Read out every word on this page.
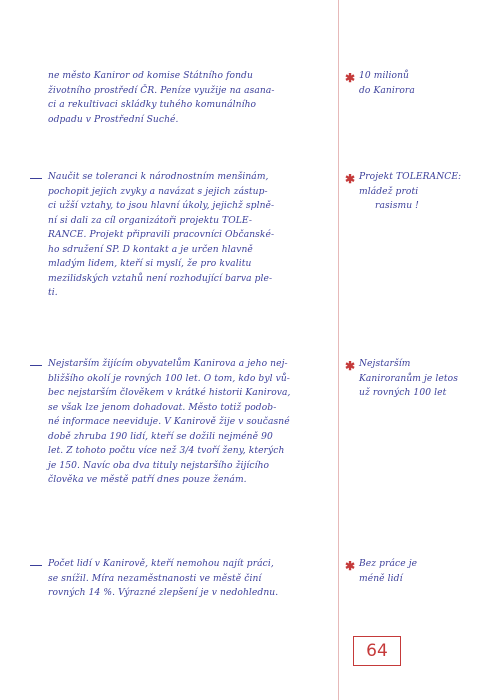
ne město Kaniror od komise Státního fondu
životního prostředí ČR. Peníze využije na asana-
ci a rekultivaci skládky tuhého komunálního
odpadu v Prostřední Suché.
✱ 10 milionů
do Kanirora
Naučit se toleranci k národnostním menšinám,
pochopit jejich zvyky a navázat s jejich zástup-
ci užší vztahy, to jsou hlavní úkoly, jejichž splně-
ní si dali za cíl organizátoři projektu TOLE-
RANCE. Projekt připravili pracovníci Občanské-
ho sdružení SP. D kontakt a je určen hlavně
mladým lidem, kteří si myslí, že pro kvalitu
mezilidských vztahů není rozhodující barva ple-
ti.
✱ Projekt TOLERANCE:
mládež proti
rasismu !
Nejstarším žijícím obyvatelům Kanirova a jeho nej-
bližšího okolí je rovných 100 let. O tom, kdo byl vů-
bec nejstarším člověkem v krátké historii Kanirova,
se však lze jenom dohadovat. Město totiž podob-
né informace neeviduje. V Kanirově žije v současné
době zhruba 190 lidí, kteří se dožili nejméně 90
let. Z tohoto počtu více než 3/4 tvoří ženy, kterých
je 150. Navíc oba dva tituly nejstaršího žijícího
člověka ve městě patří dnes pouze ženám.
✱ Nejstarším
Kaniroranům je letos
už rovných 100 let
Počet lidí v Kanirově, kteří nemohou najít práci,
se snížil. Míra nezaměstnanosti ve městě činí
rovných 14 %. Výrazné zlepšení je v nedohlednu.
✱ Bez práce je
méně lidí
64
